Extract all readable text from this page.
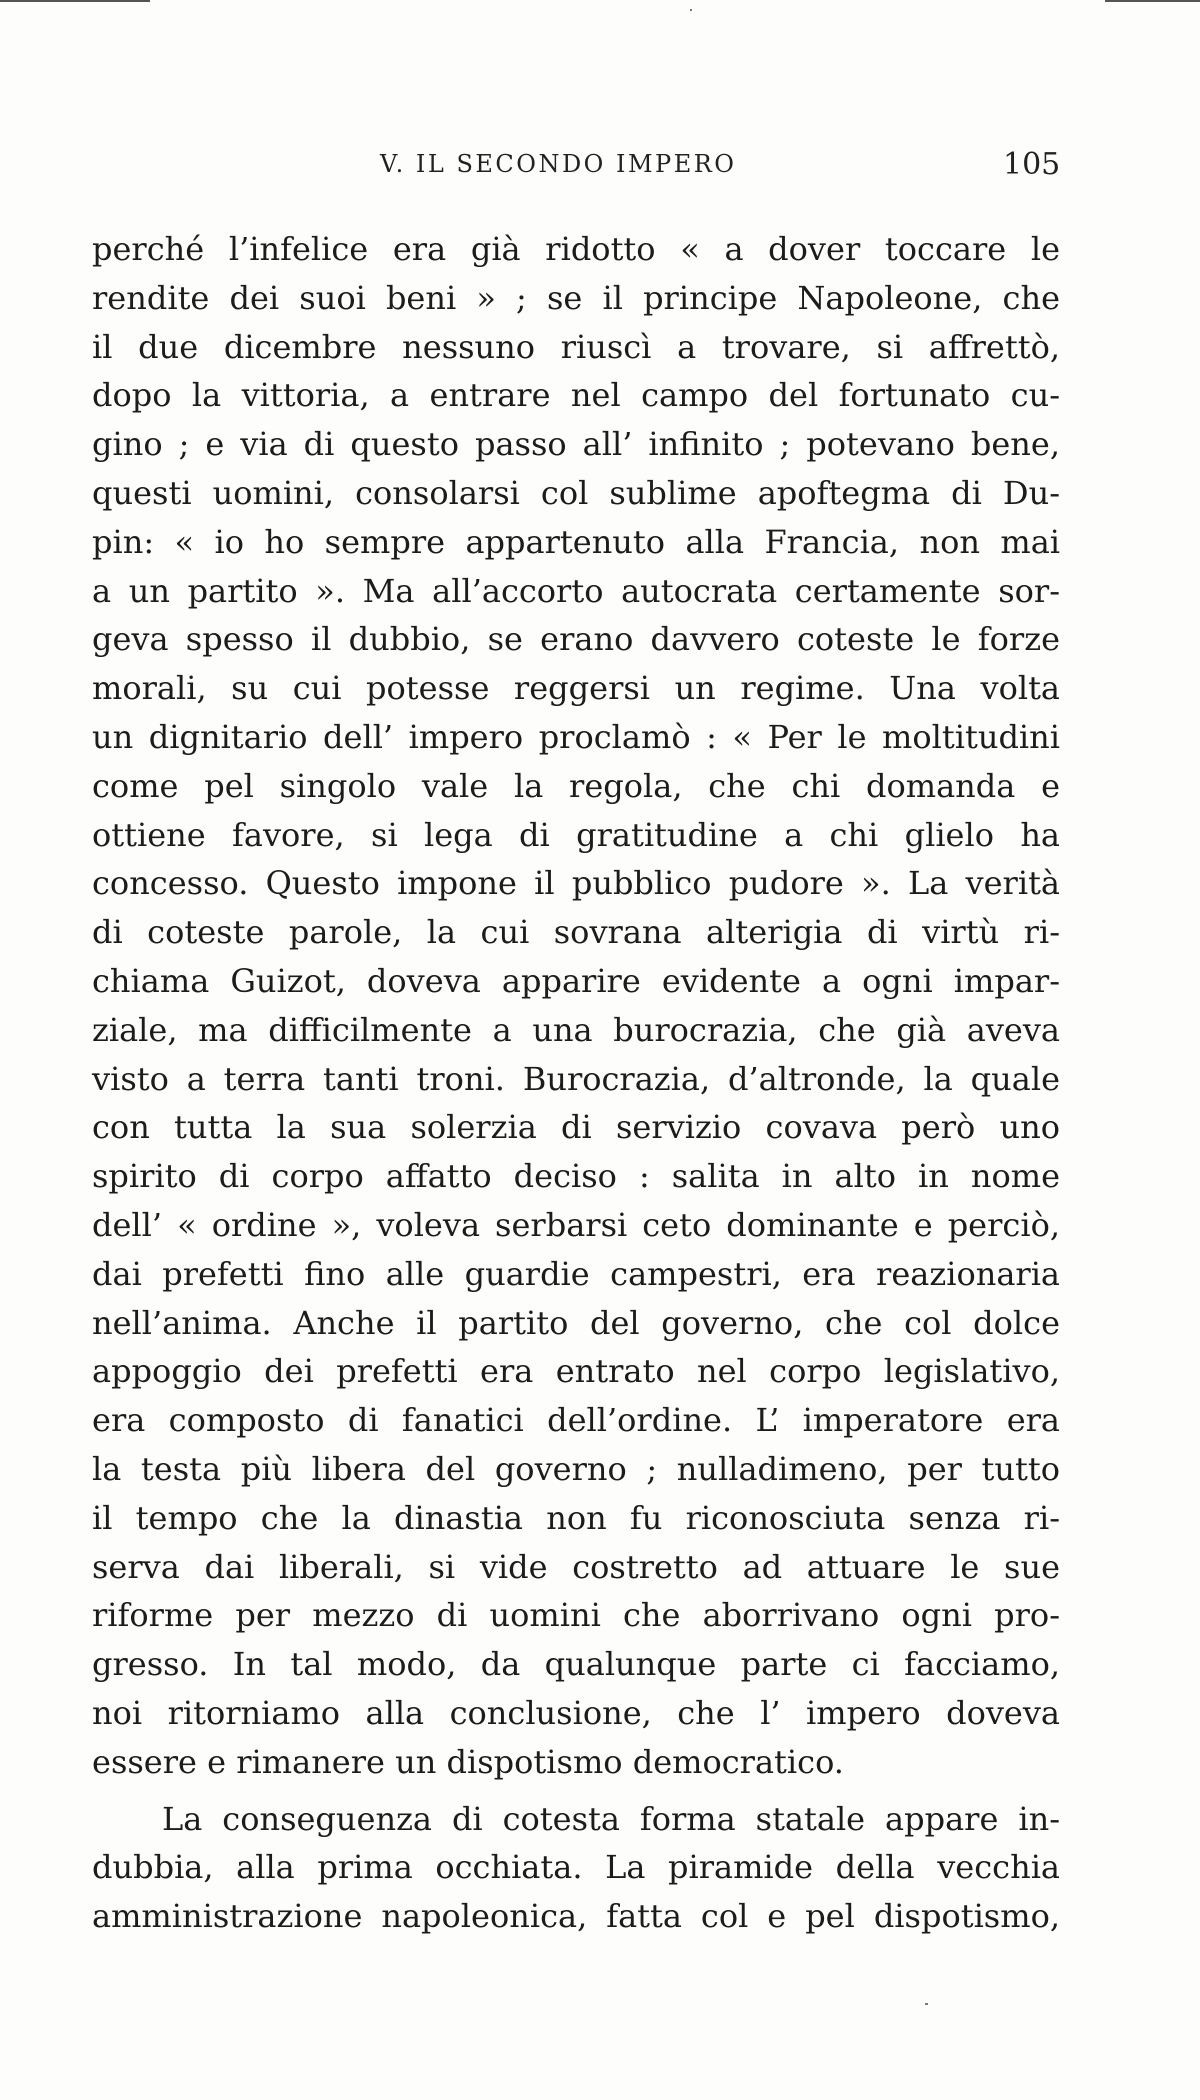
V. IL SECONDO IMPERO	105
perché l’infelice era già ridotto « a dover toccare le
rendite dei suoi beni » ; se il principe Napoleone, che
il due dicembre nessuno riuscì a trovare, si affrettò,
dopo la vittoria, a entrare nel campo del fortunato cu-
gino ; e via di questo passo all’ infinito ; potevano bene,
questi uomini, consolarsi col sublime apoftegma di Du-
pin: « io ho sempre appartenuto alla Francia, non mai
a un partito ». Ma all’accorto autocrata certamente sor-
geva spesso il dubbio, se erano davvero coteste le forze
morali, su cui potesse reggersi un regime. Una volta
un dignitario dell’ impero proclamò : « Per le moltitudini
come pel singolo vale la regola, che chi domanda e
ottiene favore, si lega di gratitudine a chi glielo ha
concesso. Questo impone il pubblico pudore ». La verità
di coteste parole, la cui sovrana alterigia di virtù ri-
chiama Guizot, doveva apparire evidente a ogni impar-
ziale, ma difficilmente a una burocrazia, che già aveva
visto a terra tanti troni. Burocrazia, d’altronde, la quale
con tutta la sua solerzia di servizio covava però uno
spirito di corpo affatto deciso : salita in alto in nome
dell’ « ordine », voleva serbarsi ceto dominante e perciò,
dai prefetti fino alle guardie campestri, era reazionaria
nell’anima. Anche il partito del governo, che col dolce
appoggio dei prefetti era entrato nel corpo legislativo,
era composto di fanatici dell’ordine. L’ imperatore era
la testa più libera del governo ; nulladimeno, per tutto
il tempo che la dinastia non fu riconosciuta senza ri-
serva dai liberali, si vide costretto ad attuare le sue
riforme per mezzo di uomini che aborrivano ogni pro-
gresso. In tal modo, da qualunque parte ci facciamo,
noi ritorniamo alla conclusione, che l’ impero doveva
essere e rimanere un dispotismo democratico.
La conseguenza di cotesta forma statale appare in-
dubbia, alla prima occhiata. La piramide della vecchia
amministrazione napoleonica, fatta col e pel dispotismo,
